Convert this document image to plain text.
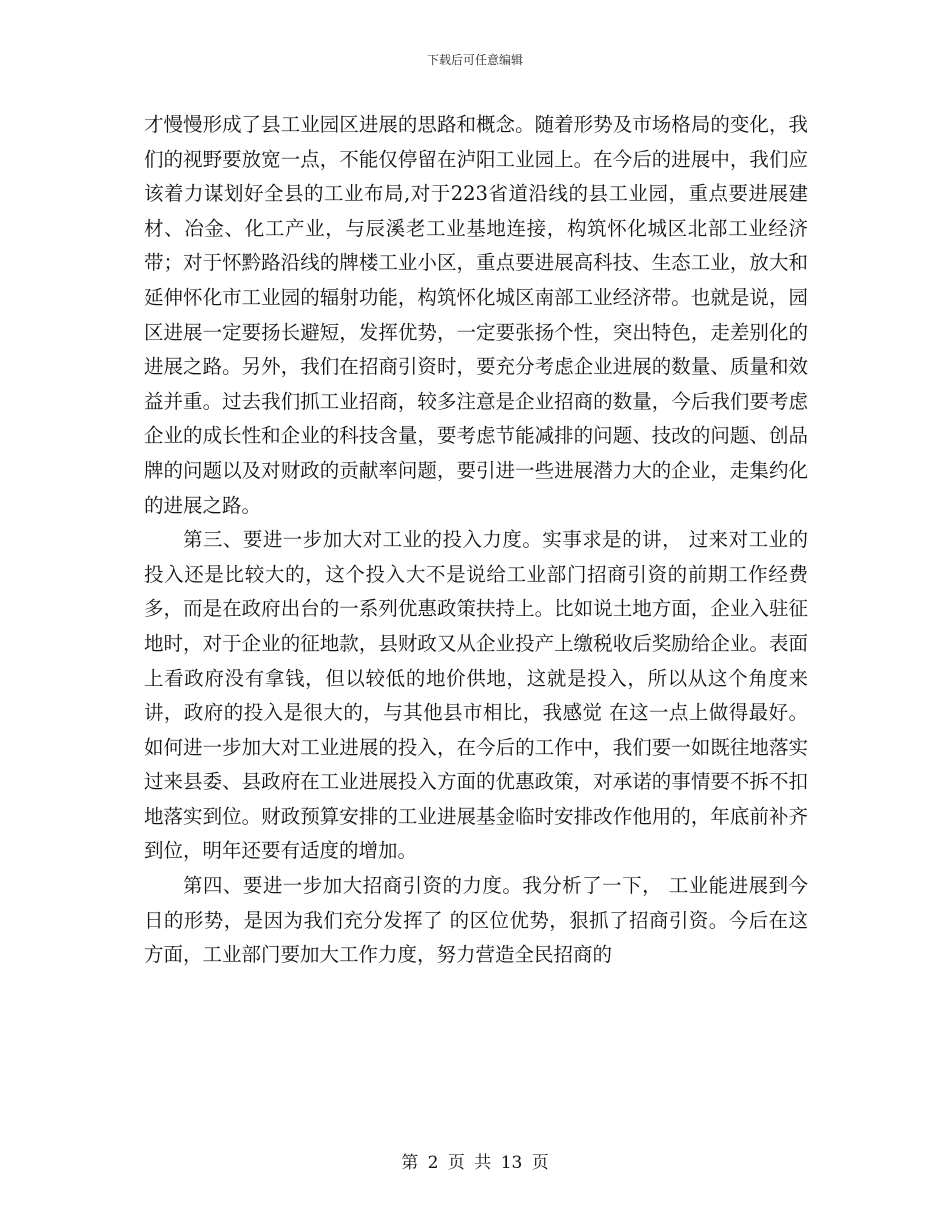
下载后可任意编辑

才慢慢形成了县工业园区进展的思路和概念。随着形势及市场格局的变化，我们的视野要放宽一点，不能仅停留在泸阳工业园上。在今后的进展中，我们应该着力谋划好全县的工业布局,对于223省道沿线的县工业园，重点要进展建材、冶金、化工产业，与辰溪老工业基地连接，构筑怀化城区北部工业经济带；对于怀黔路沿线的牌楼工业小区，重点要进展高科技、生态工业，放大和延伸怀化市工业园的辐射功能，构筑怀化城区南部工业经济带。也就是说，园区进展一定要扬长避短，发挥优势，一定要张扬个性，突出特色，走差别化的进展之路。另外，我们在招商引资时，要充分考虑企业进展的数量、质量和效益并重。过去我们抓工业招商，较多注意是企业招商的数量，今后我们要考虑企业的成长性和企业的科技含量，要考虑节能减排的问题、技改的问题、创品牌的问题以及对财政的贡献率问题，要引进一些进展潜力大的企业，走集约化的进展之路。

第三、要进一步加大对工业的投入力度。实事求是的讲， 过来对工业的投入还是比较大的，这个投入大不是说给工业部门招商引资的前期工作经费多，而是在政府出台的一系列优惠政策扶持上。比如说土地方面，企业入驻征地时，对于企业的征地款，县财政又从企业投产上缴税收后奖励给企业。表面上看政府没有拿钱，但以较低的地价供地，这就是投入，所以从这个角度来讲，政府的投入是很大的，与其他县市相比，我感觉 在这一点上做得最好。如何进一步加大对工业进展的投入，在今后的工作中，我们要一如既往地落实过来县委、县政府在工业进展投入方面的优惠政策，对承诺的事情要不拆不扣地落实到位。财政预算安排的工业进展基金临时安排改作他用的，年底前补齐到位，明年还要有适度的增加。

第四、要进一步加大招商引资的力度。我分析了一下， 工业能进展到今日的形势，是因为我们充分发挥了 的区位优势，狠抓了招商引资。今后在这方面，工业部门要加大工作力度，努力营造全民招商的

第 2 页 共 13 页
